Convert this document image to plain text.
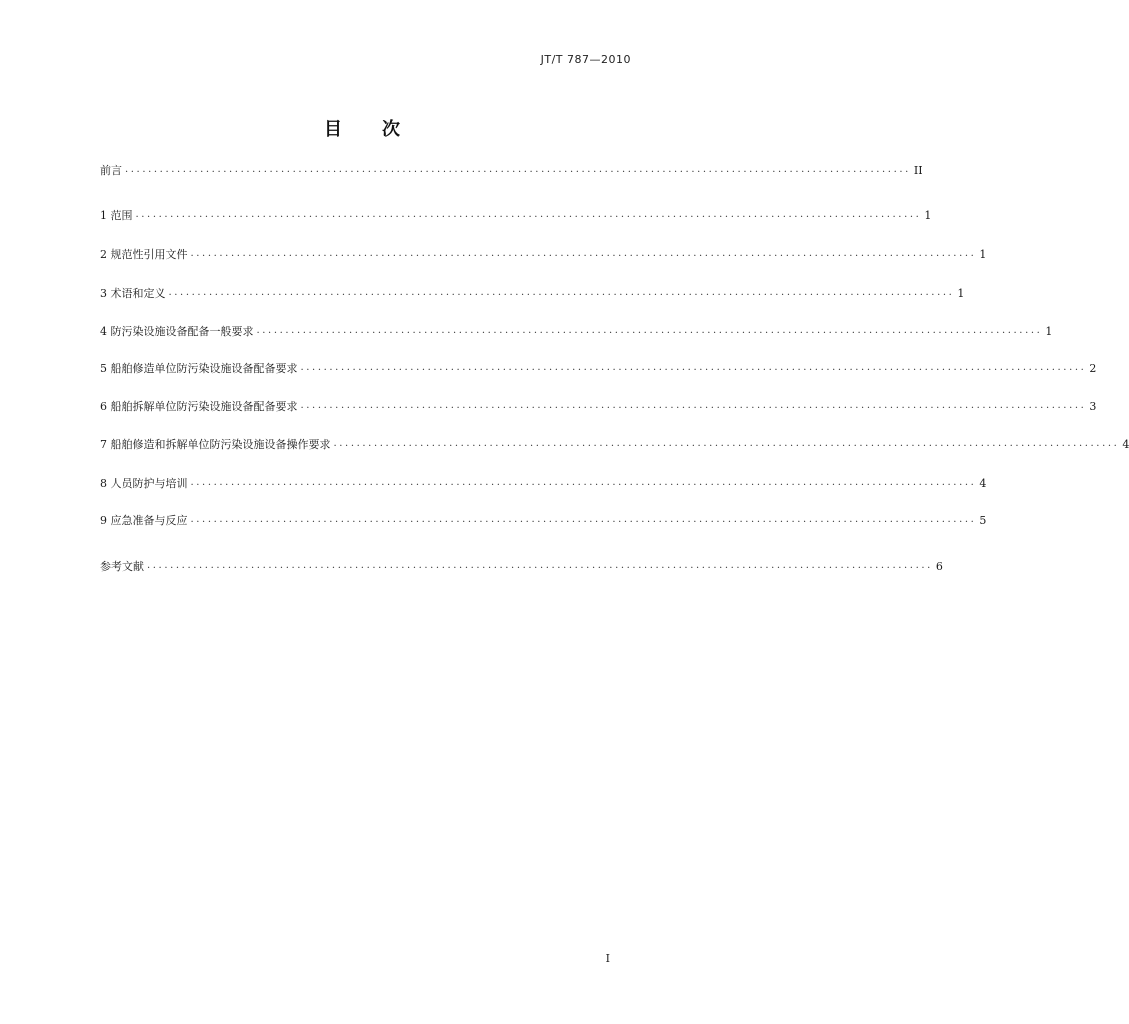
JT/T 787—2010
目次
前言 ........................................................................................................................................ II
1 范围 ........................................................................................................................................ 1
2 规范性引用文件 ........................................................................................................................................ 1
3 术语和定义 ........................................................................................................................................ 1
4 防污染设施设备配备一般要求 ........................................................................................................................................ 1
5 船舶修造单位防污染设施设备配备要求 ........................................................................................................................................ 2
6 船舶拆解单位防污染设施设备配备要求 ........................................................................................................................................ 3
7 船舶修造和拆解单位防污染设施设备操作要求 ........................................................................................................................................ 4
8 人员防护与培训 ........................................................................................................................................ 4
9 应急准备与反应 ........................................................................................................................................ 5
参考文献 ........................................................................................................................................ 6
I
